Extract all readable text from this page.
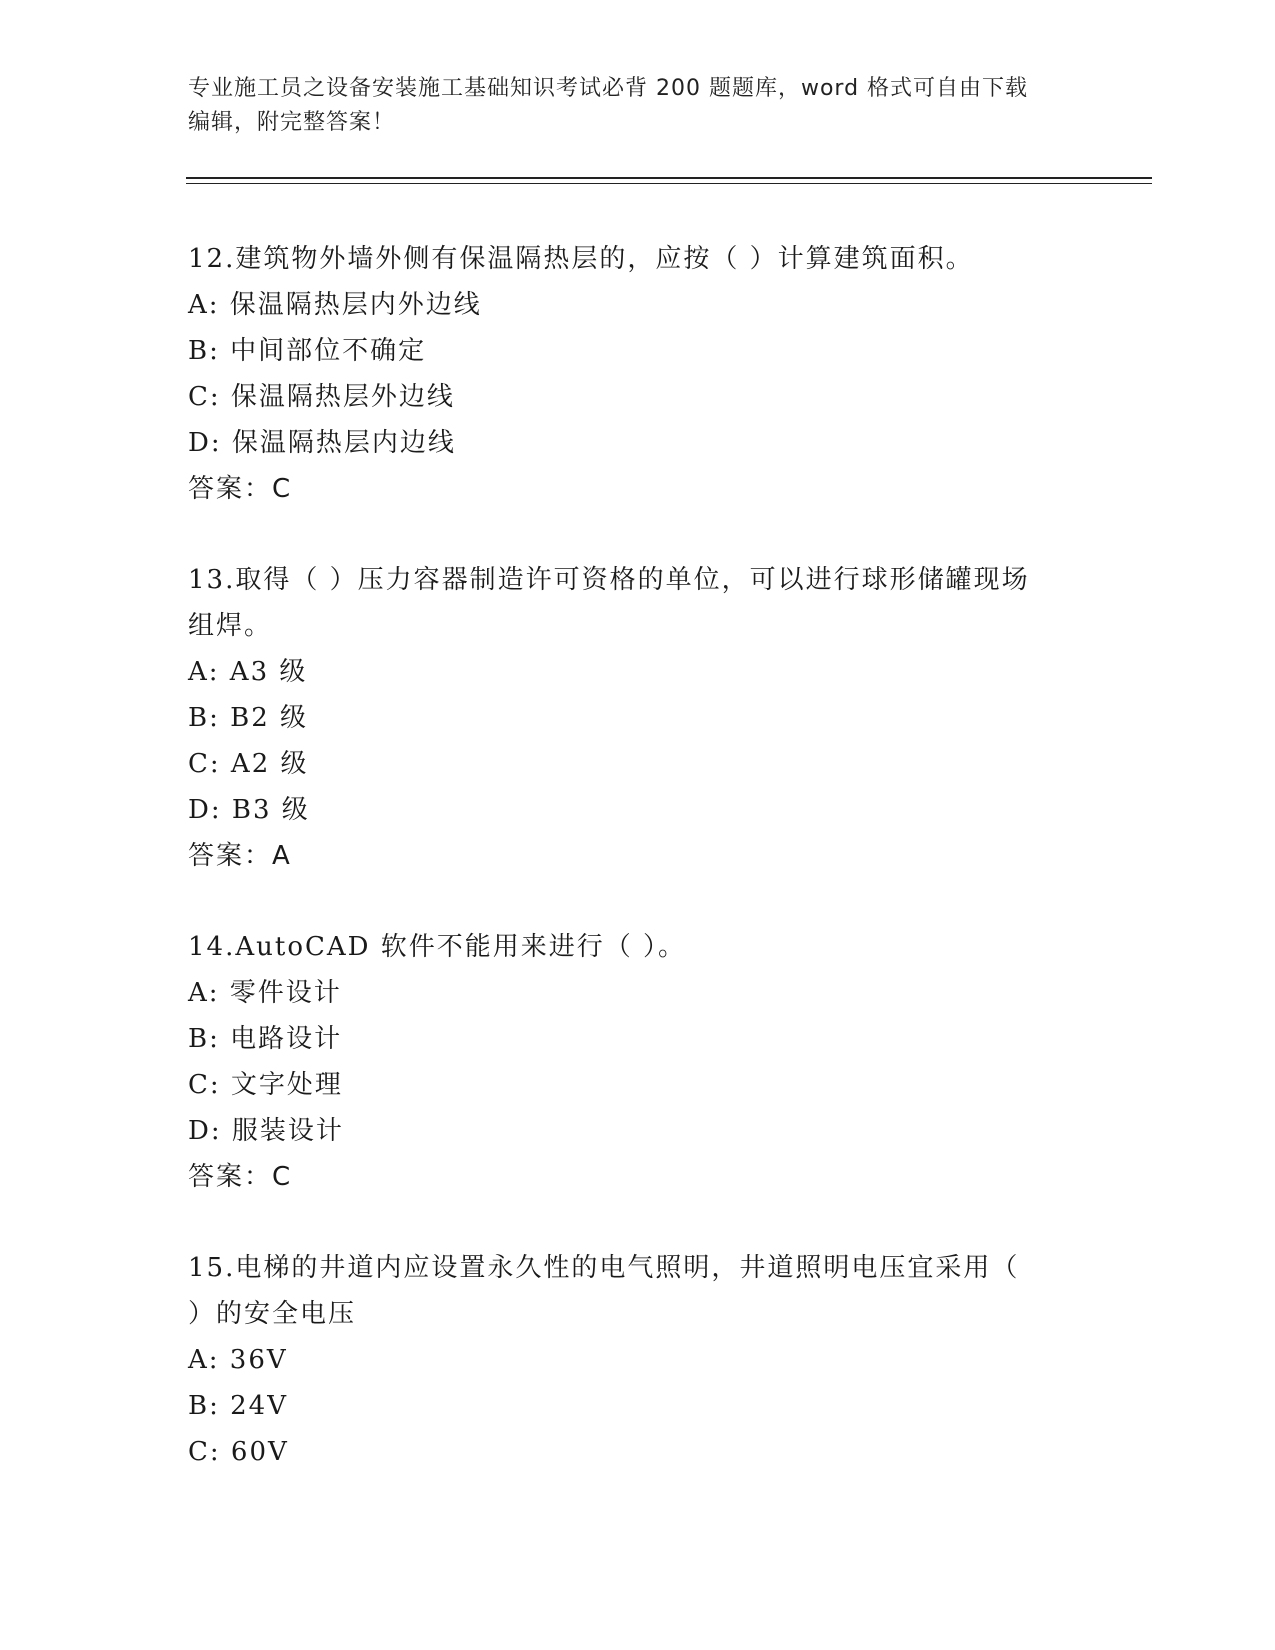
专业施工员之设备安装施工基础知识考试必背 200 题题库，word 格式可自由下载
编辑，附完整答案！

12.建筑物外墙外侧有保温隔热层的，应按（ ）计算建筑面积。

A: 保温隔热层内外边线

B: 中间部位不确定

C: 保温隔热层外边线

D: 保温隔热层内边线

答案：C

13.取得（ ）压力容器制造许可资格的单位，可以进行球形储罐现场

组焊。

A: A3 级

B: B2 级

C: A2 级

D: B3 级

答案：A

14.AutoCAD 软件不能用来进行（ ）。

A: 零件设计

B: 电路设计

C: 文字处理

D: 服装设计

答案：C

15.电梯的井道内应设置永久性的电气照明，井道照明电压宜采用（

）的安全电压

A: 36V

B: 24V

C: 60V
